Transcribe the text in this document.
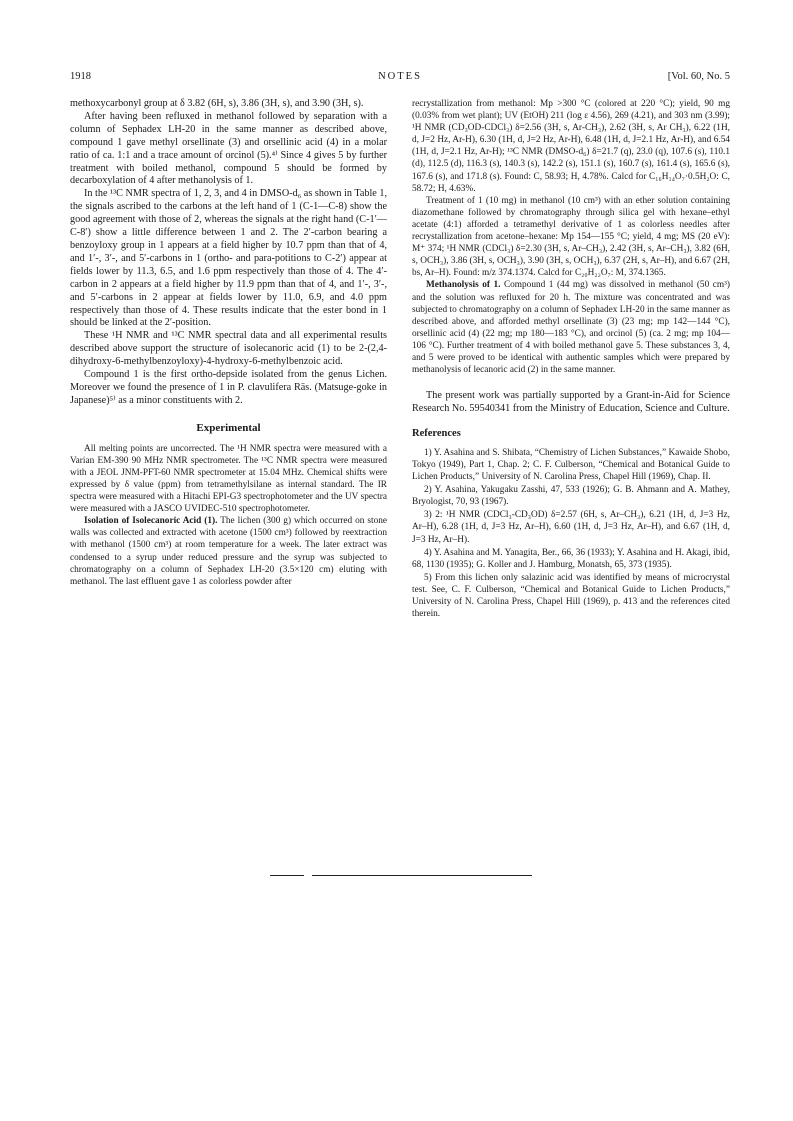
1918	NOTES	[Vol. 60, No. 5

methoxycarbonyl group at δ 3.82 (6H, s), 3.86 (3H, s), and 3.90 (3H, s).

After having been refluxed in methanol followed by separation with a column of Sephadex LH-20 in the same manner as described above, compound 1 gave methyl orsellinate (3) and orsellinic acid (4) in a molar ratio of ca. 1:1 and a trace amount of orcinol (5).⁴⁾ Since 4 gives 5 by further treatment with boiled methanol, compound 5 should be formed by decarboxylation of 4 after methanolysis of 1.

In the ¹³C NMR spectra of 1, 2, 3, and 4 in DMSO-d₆ as shown in Table 1, the signals ascribed to the carbons at the left hand of 1 (C-1—C-8) show the good agreement with those of 2, whereas the signals at the right hand (C-1′—C-8′) show a little difference between 1 and 2. The 2′-carbon bearing a benzoyloxy group in 1 appears at a field higher by 10.7 ppm than that of 4, and 1′-, 3′-, and 5′-carbons in 1 (ortho- and para-potitions to C-2′) appear at fields lower by 11.3, 6.5, and 1.6 ppm respectively than those of 4. The 4′-carbon in 2 appears at a field higher by 11.9 ppm than that of 4, and 1′-, 3′-, and 5′-carbons in 2 appear at fields lower by 11.0, 6.9, and 4.0 ppm respectively than those of 4. These results indicate that the ester bond in 1 should be linked at the 2′-position.

These ¹H NMR and ¹³C NMR spectral data and all experimental results described above support the structure of isolecanoric acid (1) to be 2-(2,4-dihydroxy-6-methylbenzoyloxy)-4-hydroxy-6-methylbenzoic acid.

Compound 1 is the first ortho-depside isolated from the genus Lichen. Moreover we found the presence of 1 in P. clavulifera Räs. (Matsuge-goke in Japanese)⁵⁾ as a minor constituents with 2.

Experimental

All melting points are uncorrected. The ¹H NMR spectra were measured with a Varian EM-390 90 MHz NMR spectrometer. The ¹³C NMR spectra were measured with a JEOL JNM-PFT-60 NMR spectrometer at 15.04 MHz. Chemical shifts were expressed by δ value (ppm) from tetramethylsilane as internal standard. The IR spectra were measured with a Hitachi EPI-G3 spectrophotometer and the UV spectra were measured with a JASCO UVIDEC-510 spectrophotometer.

Isolation of Isolecanoric Acid (1). The lichen (300 g) which occurred on stone walls was collected and extracted with acetone (1500 cm³) followed by reextraction with methanol (1500 cm³) at room temperature for a week. The later extract was condensed to a syrup under reduced pressure and the syrup was subjected to chromatography on a column of Sephadex LH-20 (3.5×120 cm) eluting with methanol. The last effluent gave 1 as colorless powder after

recrystallization from methanol: Mp >300 °C (colored at 220 °C); yield, 90 mg (0.03% from wet plant); UV (EtOH) 211 (log ε 4.56), 269 (4.21), and 303 nm (3.99); ¹H NMR (CD₃OD-CDCl₃) δ=2.56 (3H, s, Ar-CH₃), 2.62 (3H, s, Ar CH₃), 6.22 (1H, d, J=2 Hz, Ar-H), 6.30 (1H, d, J=2 Hz, Ar-H), 6.48 (1H, d, J=2.1 Hz, Ar-H), and 6.54 (1H, d, J=2.1 Hz, Ar-H); ¹³C NMR (DMSO-d₆) δ=21.7 (q), 23.0 (q), 107.6 (s), 110.1 (d), 112.5 (d), 116.3 (s), 140.3 (s), 142.2 (s), 151.1 (s), 160.7 (s), 161.4 (s), 165.6 (s), 167.6 (s), and 171.8 (s). Found: C, 58.93; H, 4.78%. Calcd for C₁₆H₁₄O₇·0.5H₂O: C, 58.72; H, 4.63%.

Treatment of 1 (10 mg) in methanol (10 cm³) with an ether solution containing diazomethane followed by chromatography through silica gel with hexane–ethyl acetate (4:1) afforded a tetramethyl derivative of 1 as colorless needles after recrystallization from acetone–hexane: Mp 154—155 °C; yield, 4 mg; MS (20 eV): M⁺ 374; ¹H NMR (CDCl₃) δ=2.30 (3H, s, Ar–CH₃), 2.42 (3H, s, Ar–CH₃), 3.82 (6H, s, OCH₃), 3.86 (3H, s, OCH₃), 3.90 (3H, s, OCH₃), 6.37 (2H, s, Ar–H), and 6.67 (2H, bs, Ar–H). Found: m/z 374.1374. Calcd for C₂₀H₂₂O₇: M, 374.1365.

Methanolysis of 1. Compound 1 (44 mg) was dissolved in methanol (50 cm³) and the solution was refluxed for 20 h. The mixture was concentrated and was subjected to chromatography on a column of Sephadex LH-20 in the same manner as described above, and afforded methyl orsellinate (3) (23 mg; mp 142—144 °C), orsellinic acid (4) (22 mg; mp 180—183 °C), and orcinol (5) (ca. 2 mg; mp 104—106 °C). Further treatment of 4 with boiled methanol gave 5. These substances 3, 4, and 5 were proved to be identical with authentic samples which were prepared by methanolysis of lecanoric acid (2) in the same manner.

The present work was partially supported by a Grant-in-Aid for Science Research No. 59540341 from the Ministry of Education, Science and Culture.

References

1) Y. Asahina and S. Shibata, “Chemistry of Lichen Substances,” Kawaide Shobo, Tokyo (1949), Part 1, Chap. 2; C. F. Culberson, “Chemical and Botanical Guide to Lichen Products,” University of N. Carolina Press, Chapel Hill (1969), Chap. II.

2) Y. Asahina, Yakugaku Zasshi, 47, 533 (1926); G. B. Ahmann and A. Mathey, Bryologist, 70, 93 (1967).

3) 2: ¹H NMR (CDCl₃-CD₃OD) δ=2.57 (6H, s, Ar–CH₃), 6.21 (1H, d, J=3 Hz, Ar–H), 6.28 (1H, d, J=3 Hz, Ar–H), 6.60 (1H, d, J=3 Hz, Ar–H), and 6.67 (1H, d, J=3 Hz, Ar–H).

4) Y. Asahina and M. Yanagita, Ber., 66, 36 (1933); Y. Asahina and H. Akagi, ibid, 68, 1130 (1935); G. Koller and J. Hamburg, Monatsh, 65, 373 (1935).

5) From this lichen only salazinic acid was identified by means of microcrystal test. See, C. F. Culberson, “Chemical and Botanical Guide to Lichen Products,” University of N. Carolina Press, Chapel Hill (1969), p. 413 and the references cited therein.
